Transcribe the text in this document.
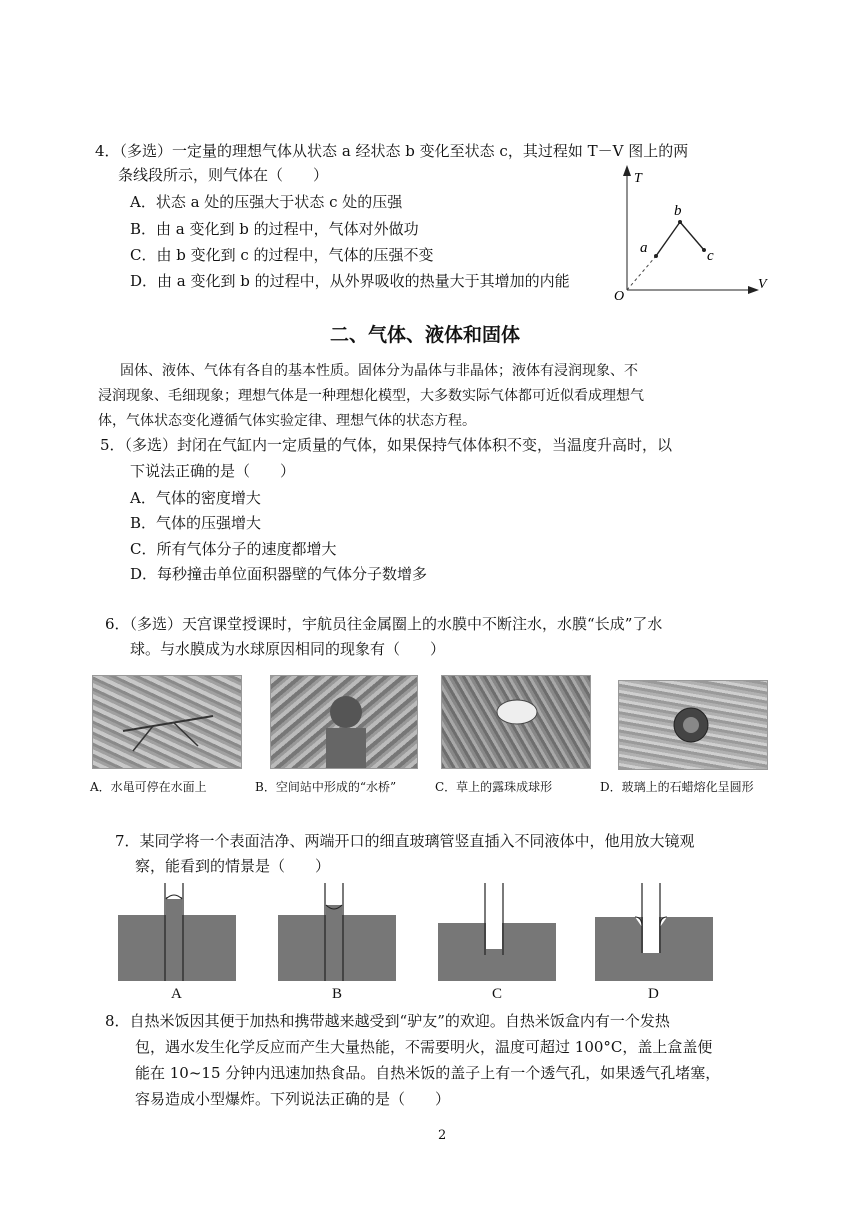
4．（多选）一定量的理想气体从状态 a 经状态 b 变化至状态 c，其过程如 T－V 图上的两
条线段所示，则气体在（　　）
A．状态 a 处的压强大于状态 c 处的压强
B．由 a 变化到 b 的过程中，气体对外做功
C．由 b 变化到 c 的过程中，气体的压强不变
D．由 a 变化到 b 的过程中，从外界吸收的热量大于其增加的内能
T
V
O
a
b
c
二、气体、液体和固体
固体、液体、气体有各自的基本性质。固体分为晶体与非晶体；液体有浸润现象、不
浸润现象、毛细现象；理想气体是一种理想化模型，大多数实际气体都可近似看成理想气
体，气体状态变化遵循气体实验定律、理想气体的状态方程。
5．（多选）封闭在气缸内一定质量的气体，如果保持气体体积不变，当温度升高时，以
下说法正确的是（　　）
A．气体的密度增大
B．气体的压强增大
C．所有气体分子的速度都增大
D．每秒撞击单位面积器壁的气体分子数增多
6．（多选）天宫课堂授课时，宇航员往金属圈上的水膜中不断注水，水膜“长成”了水
球。与水膜成为水球原因相同的现象有（　　）
A．水黾可停在水面上	B．空间站中形成的“水桥”	C．草上的露珠成球形	D．玻璃上的石蜡熔化呈圆形
7．某同学将一个表面洁净、两端开口的细直玻璃管竖直插入不同液体中，他用放大镜观
察，能看到的情景是（　　）
A	B	C	D
8．自热米饭因其便于加热和携带越来越受到“驴友”的欢迎。自热米饭盒内有一个发热
包，遇水发生化学反应而产生大量热能，不需要明火，温度可超过 100°C，盖上盒盖便
能在 10~15 分钟内迅速加热食品。自热米饭的盖子上有一个透气孔，如果透气孔堵塞，
容易造成小型爆炸。下列说法正确的是（　　）
2
